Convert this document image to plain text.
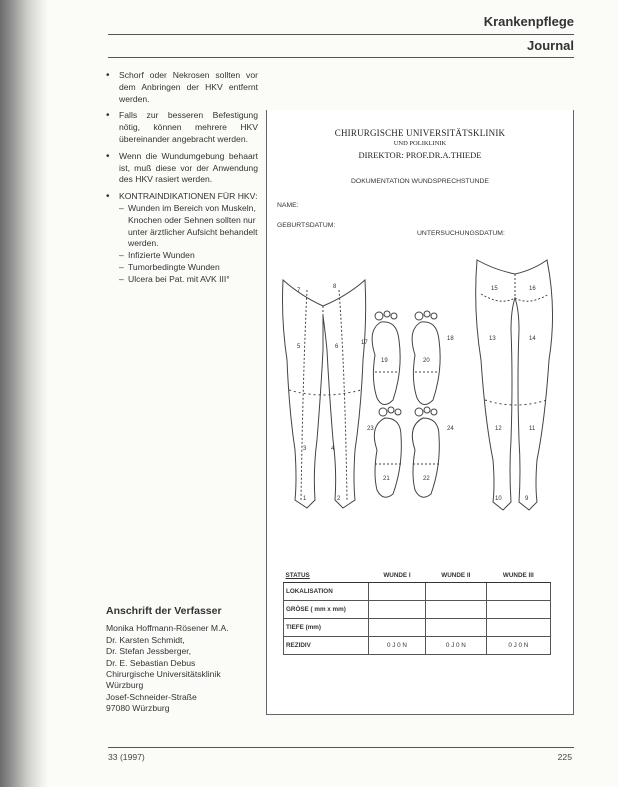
Krankenpflege
Journal
• Schorf oder Nekrosen sollten vor dem Anbringen der HKV entfernt werden.
• Falls zur besseren Befestigung nötig, können mehrere HKV übereinander angebracht werden.
• Wenn die Wundumgebung behaart ist, muß diese vor der Anwendung des HKV rasiert werden.
• KONTRAINDIKATIONEN FÜR HKV:
– Wunden im Bereich von Muskeln, Knochen oder Sehnen sollten nur unter ärztlicher Aufsicht behandelt werden.
– Infizierte Wunden
– Tumorbedingte Wunden
– Ulcera bei Pat. mit AVK III°
Anschrift der Verfasser
Monika Hoffmann-Rösener M.A.
Dr. Karsten Schmidt,
Dr. Stefan Jessberger,
Dr. E. Sebastian Debus
Chirurgische Universitätsklinik
Würzburg
Josef-Schneider-Straße
97080 Würzburg
CHIRURGISCHE UNIVERSITÄTSKLINIK
UND POLIKLINIK
DIREKTOR: PROF.DR.A.THIEDE
DOKUMENTATION WUNDSPRECHSTUNDE
NAME:
GEBURTSDATUM:
UNTERSUCHUNGSDATUM:
7
8
5	6
3	4
1	2
19	20
17
18
15	16
13	14
23	24
21	22
10	9
12	11
STATUS	WUNDE I	WUNDE II	WUNDE III
LOKALISATION			
GRÖSE ( mm x mm)			
TIEFE (mm)			
REZIDIV	0 J 0 N	0 J 0 N	0 J 0 N
33 (1997)	225
